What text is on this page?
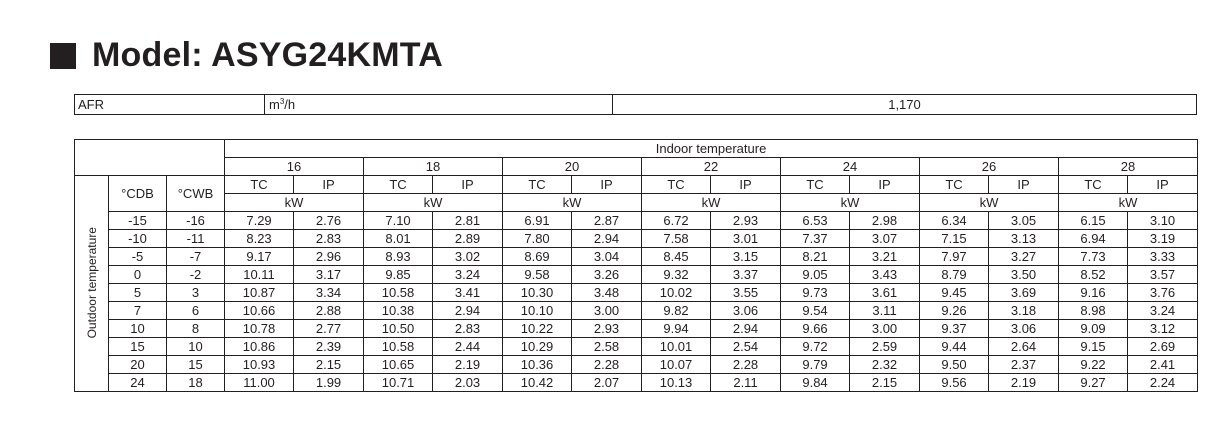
Model: ASYG24KMTA
AFR	$m^3/h$	1,170
			Indoor temperature													
			16		18		20		22		24		26		28	
Outdoor temperature	°CDB	°CWB	TC	IP	TC	IP	TC	IP	TC	IP	TC	IP	TC	IP	TC	IP
			kW		kW		kW		kW		kW		kW		kW	
	-15	-16	7.29	2.76	7.10	2.81	6.91	2.87	6.72	2.93	6.53	2.98	6.34	3.05	6.15	3.10
	-10	-11	8.23	2.83	8.01	2.89	7.80	2.94	7.58	3.01	7.37	3.07	7.15	3.13	6.94	3.19
	-5	-7	9.17	2.96	8.93	3.02	8.69	3.04	8.45	3.15	8.21	3.21	7.97	3.27	7.73	3.33
	0	-2	10.11	3.17	9.85	3.24	9.58	3.26	9.32	3.37	9.05	3.43	8.79	3.50	8.52	3.57
	5	3	10.87	3.34	10.58	3.41	10.30	3.48	10.02	3.55	9.73	3.61	9.45	3.69	9.16	3.76
	7	6	10.66	2.88	10.38	2.94	10.10	3.00	9.82	3.06	9.54	3.11	9.26	3.18	8.98	3.24
	10	8	10.78	2.77	10.50	2.83	10.22	2.93	9.94	2.94	9.66	3.00	9.37	3.06	9.09	3.12
	15	10	10.86	2.39	10.58	2.44	10.29	2.58	10.01	2.54	9.72	2.59	9.44	2.64	9.15	2.69
	20	15	10.93	2.15	10.65	2.19	10.36	2.28	10.07	2.28	9.79	2.32	9.50	2.37	9.22	2.41
	24	18	11.00	1.99	10.71	2.03	10.42	2.07	10.13	2.11	9.84	2.15	9.56	2.19	9.27	2.24
